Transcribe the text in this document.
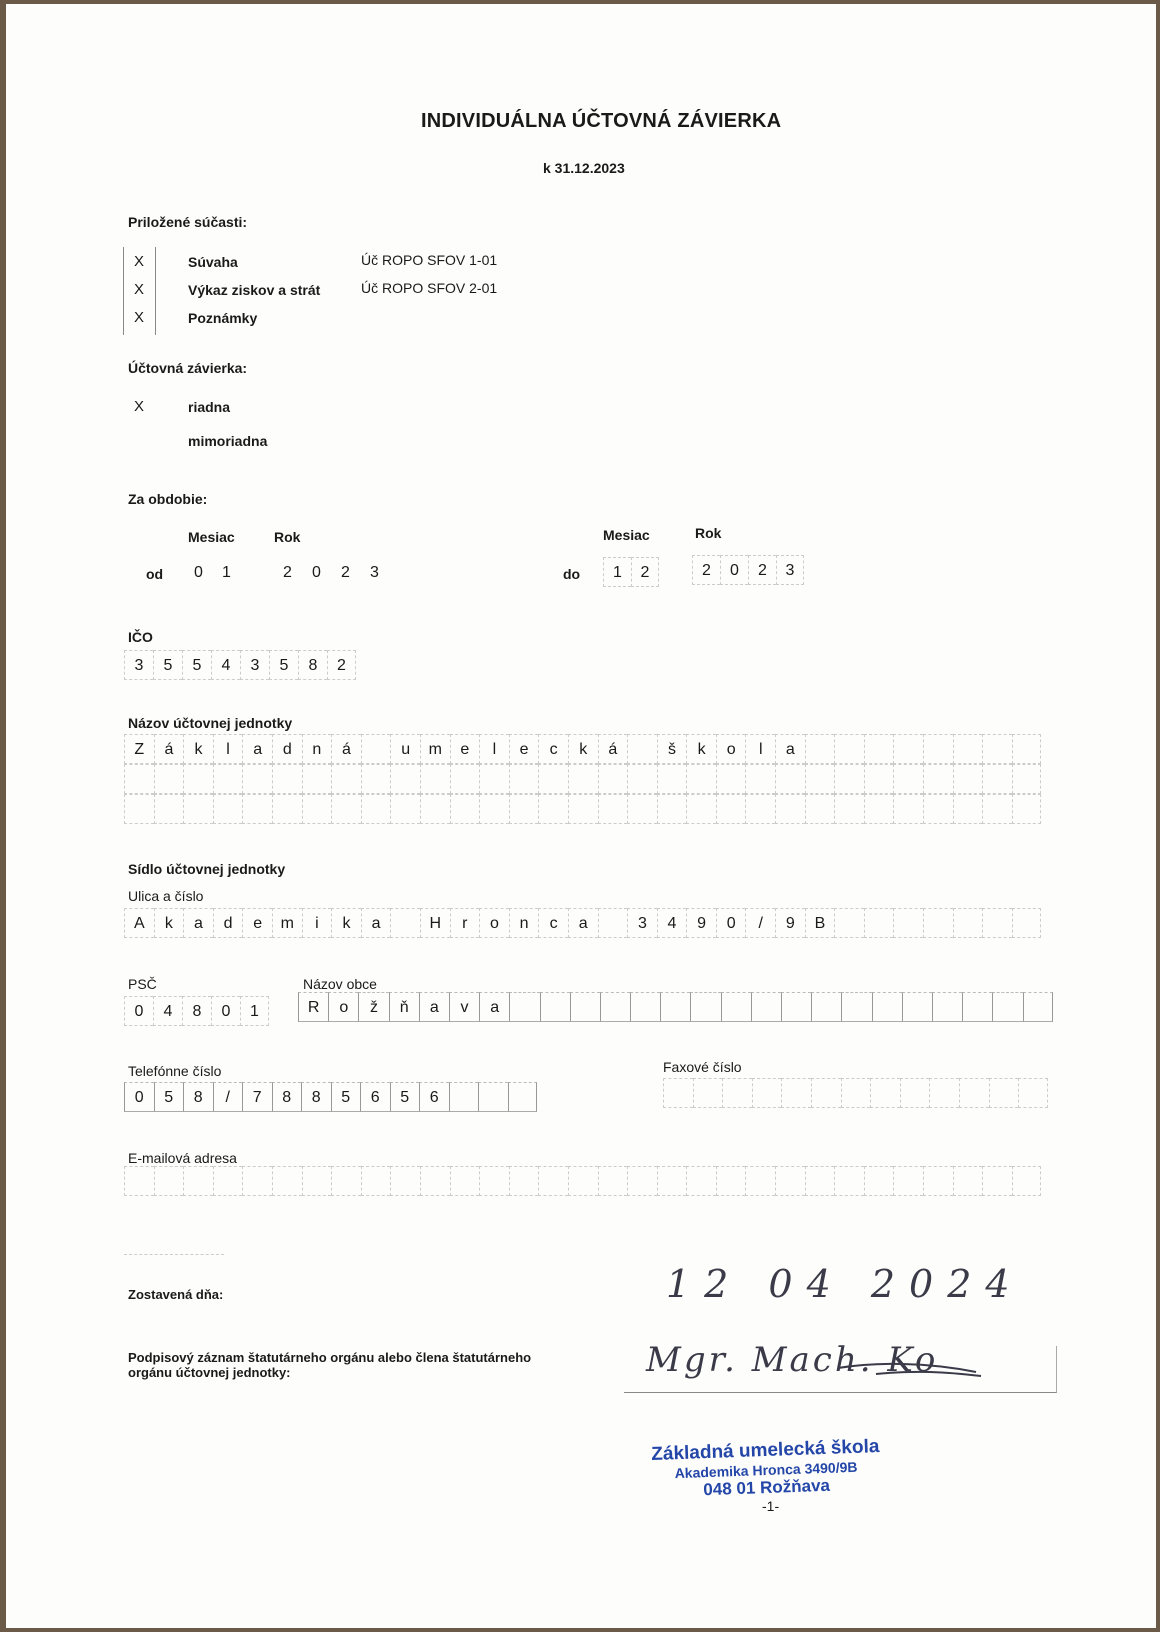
INDIVIDUÁLNA ÚČTOVNÁ ZÁVIERKA
k 31.12.2023
Priložené súčasti:
X	Súvaha	Úč ROPO SFOV 1-01
X	Výkaz ziskov a strát	Úč ROPO SFOV 2-01
X	Poznámky
Účtovná závierka:
X	riadna
mimoriadna
Za obdobie:
Mesiac	Rok	Mesiac	Rok
od 0 1	2 0 2 3	do	1	2	2	0	2	3
IČO
3	5	5	4	3	5	8	2
Názov účtovnej jednotky
Z	á	k	l	a	d	n	á	u	m	e	l	e	c	k	á	š	k	o	l	a
Sídlo účtovnej jednotky
Ulica a číslo
A	k	a	d	e	m	i	k	a	H	r	o	n	c	a	3	4	9	0	/	9	B
PSČ	Názov obce
0	4	8	0	1	R	o	ž	ň	a	v	a
Telefónne číslo
0	5	8	/	7	8	8	5	6	5	6
Faxové číslo
E-mailová adresa
Zostavená dňa:	12 04 2024
Podpisový záznam štatutárneho orgánu alebo člena štatutárneho orgánu účtovnej jednotky:	Mgr. Mach. Ko
Základná umelecká škola
Akademika Hronca 3490/9B
048 01 Rožňava
-1-
